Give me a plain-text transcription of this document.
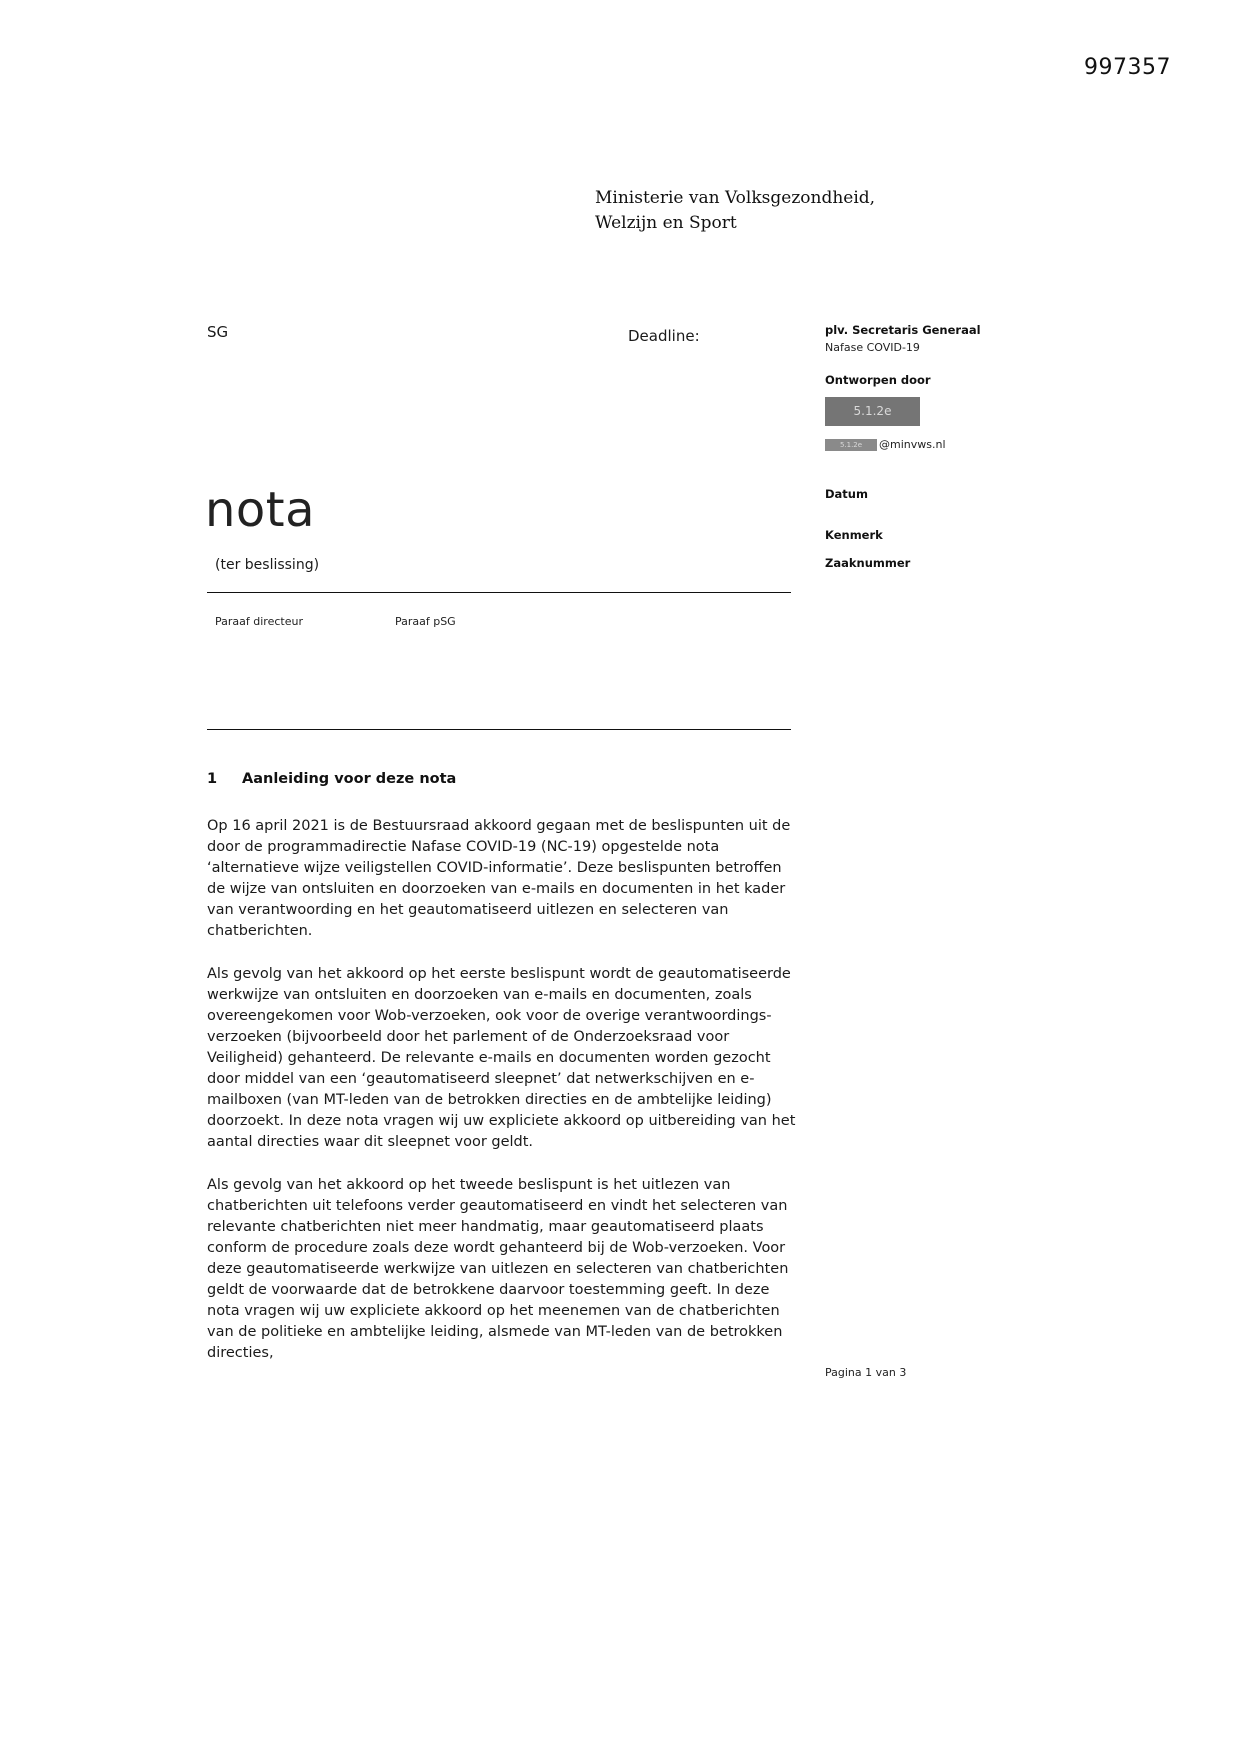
997357
Ministerie van Volksgezondheid,
Welzijn en Sport
SG	Deadline:	plv. Secretaris Generaal
Nafase COVID-19
Ontworpen door
5.1.2e
5.1.2e	@minvws.nl
Datum
Kenmerk
Zaaknummer
nota
(ter beslissing)
Paraaf directeur	Paraaf pSG
1	Aanleiding voor deze nota

Op 16 april 2021 is de Bestuursraad akkoord gegaan met de beslispunten uit de door de programmadirectie Nafase COVID-19 (NC-19) opgestelde nota ‘alternatieve wijze veiligstellen COVID-informatie’. Deze beslispunten betroffen de wijze van ontsluiten en doorzoeken van e-mails en documenten in het kader van verantwoording en het geautomatiseerd uitlezen en selecteren van chatberichten.

Als gevolg van het akkoord op het eerste beslispunt wordt de geautomatiseerde werkwijze van ontsluiten en doorzoeken van e-mails en documenten, zoals overeengekomen voor Wob-verzoeken, ook voor de overige verantwoordings-verzoeken (bijvoorbeeld door het parlement of de Onderzoeksraad voor Veiligheid) gehanteerd. De relevante e-mails en documenten worden gezocht door middel van een ‘geautomatiseerd sleepnet’ dat netwerkschijven en e-mailboxen (van MT-leden van de betrokken directies en de ambtelijke leiding) doorzoekt. In deze nota vragen wij uw expliciete akkoord op uitbereiding van het aantal directies waar dit sleepnet voor geldt.

Als gevolg van het akkoord op het tweede beslispunt is het uitlezen van chatberichten uit telefoons verder geautomatiseerd en vindt het selecteren van relevante chatberichten niet meer handmatig, maar geautomatiseerd plaats conform de procedure zoals deze wordt gehanteerd bij de Wob-verzoeken. Voor deze geautomatiseerde werkwijze van uitlezen en selecteren van chatberichten geldt de voorwaarde dat de betrokkene daarvoor toestemming geeft. In deze nota vragen wij uw expliciete akkoord op het meenemen van de chatberichten van de politieke en ambtelijke leiding, alsmede van MT-leden van de betrokken directies,

Pagina 1 van 3
